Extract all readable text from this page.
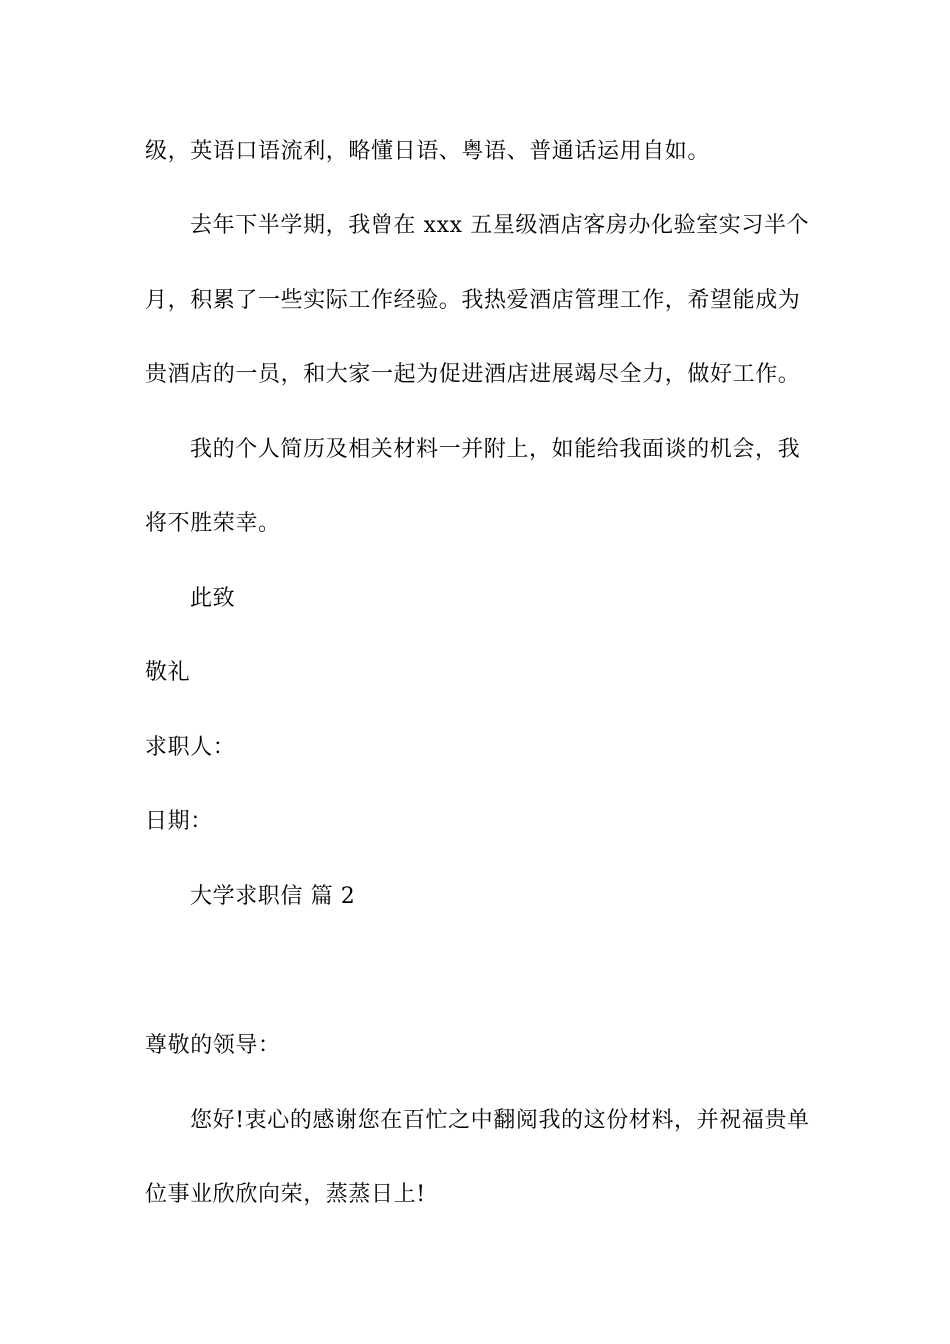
级，英语口语流利，略懂日语、粤语、普通话运用自如。
去年下半学期，我曾在 xxx 五星级酒店客房办化验室实习半个
月，积累了一些实际工作经验。我热爱酒店管理工作，希望能成为
贵酒店的一员，和大家一起为促进酒店进展竭尽全力，做好工作。
我的个人简历及相关材料一并附上，如能给我面谈的机会，我
将不胜荣幸。
此致
敬礼
求职人：
日期：
大学求职信 篇 2
尊敬的领导：
您好!衷心的感谢您在百忙之中翻阅我的这份材料，并祝福贵单
位事业欣欣向荣，蒸蒸日上!
